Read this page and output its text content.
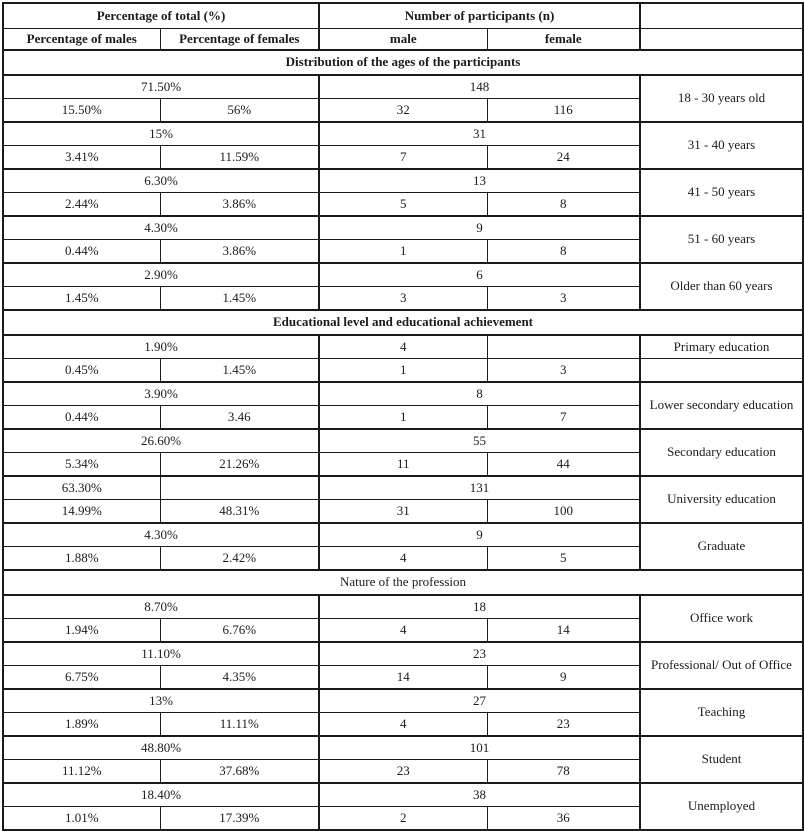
Percentage of total (%)		Number of participants (n)		
Percentage of males	Percentage of females	male	female	
Distribution of the ages of the participants				
71.50%		148		18 - 30 years old
15.50%	56%	32	116	
15%		31		31 - 40 years
3.41%	11.59%	7	24	
6.30%		13		41 - 50 years
2.44%	3.86%	5	8	
4.30%		9		51 - 60 years
0.44%	3.86%	1	8	
2.90%		6		Older than 60 years
1.45%	1.45%	3	3	
Educational level and educational achievement				
1.90%		4		Primary education
0.45%	1.45%	1	3	
3.90%		8		Lower secondary education
0.44%	3.46	1	7	
26.60%		55		Secondary education
5.34%	21.26%	11	44	
63.30%		131		University education
14.99%	48.31%	31	100	
4.30%		9		Graduate
1.88%	2.42%	4	5	
Nature of the profession				
8.70%		18		Office work
1.94%	6.76%	4	14	
11.10%		23		Professional/ Out of Office
6.75%	4.35%	14	9	
13%		27		Teaching
1.89%	11.11%	4	23	
48.80%		101		Student
11.12%	37.68%	23	78	
18.40%		38		Unemployed
1.01%	17.39%	2	36	
